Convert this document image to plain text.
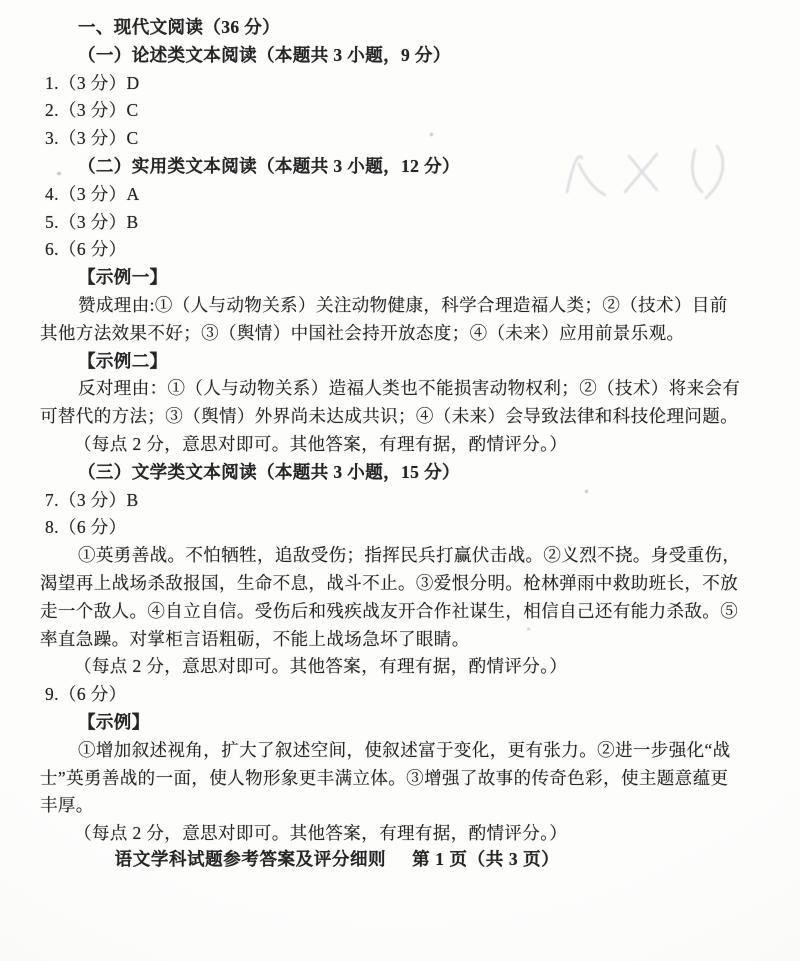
一、现代文阅读（36 分）
（一）论述类文本阅读（本题共 3 小题，9 分）
1.（3 分）D
2.（3 分）C
3.（3 分）C
（二）实用类文本阅读（本题共 3 小题，12 分）
4.（3 分）A
5.（3 分）B
6.（6 分）
【示例一】
赞成理由:①（人与动物关系）关注动物健康，科学合理造福人类；②（技术）目前
其他方法效果不好；③（舆情）中国社会持开放态度；④（未来）应用前景乐观。
【示例二】
反对理由：①（人与动物关系）造福人类也不能损害动物权利；②（技术）将来会有
可替代的方法；③（舆情）外界尚未达成共识；④（未来）会导致法律和科技伦理问题。
（每点 2 分，意思对即可。其他答案，有理有据，酌情评分。）
（三）文学类文本阅读（本题共 3 小题，15 分）
7.（3 分）B
8.（6 分）
①英勇善战。不怕牺牲，追敌受伤；指挥民兵打赢伏击战。②义烈不挠。身受重伤，
渴望再上战场杀敌报国，生命不息，战斗不止。③爱恨分明。枪林弹雨中救助班长，不放
走一个敌人。④自立自信。受伤后和残疾战友开合作社谋生，相信自己还有能力杀敌。⑤
率直急躁。对掌柜言语粗砺，不能上战场急坏了眼睛。
（每点 2 分，意思对即可。其他答案，有理有据，酌情评分。）
9.（6 分）
【示例】
①增加叙述视角，扩大了叙述空间，使叙述富于变化，更有张力。②进一步强化“战
士”英勇善战的一面，使人物形象更丰满立体。③增强了故事的传奇色彩，使主题意蕴更
丰厚。
（每点 2 分，意思对即可。其他答案，有理有据，酌情评分。）
语文学科试题参考答案及评分细则 第 1 页（共 3 页）
